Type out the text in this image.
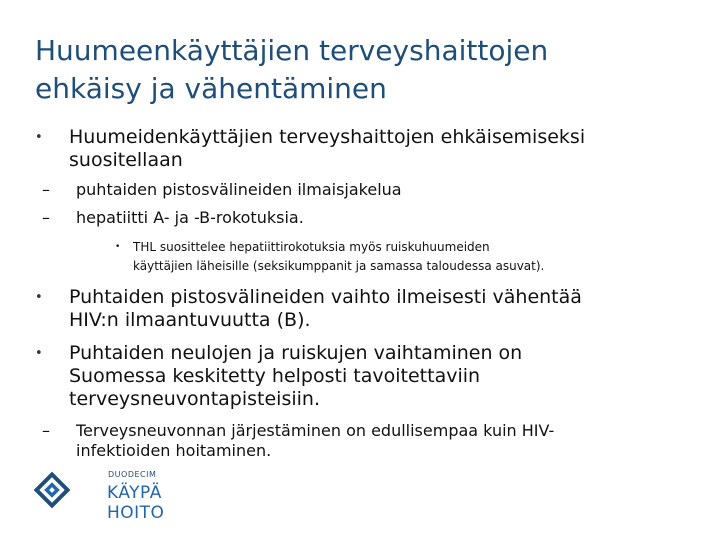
Huumeenkäyttäjien terveyshaittojen
ehkäisy ja vähentäminen
• Huumeidenkäyttäjien terveyshaittojen ehkäisemiseksi
suositellaan
– puhtaiden pistosvälineiden ilmaisjakelua
– hepatiitti A- ja -B-rokotuksia.
• THL suosittelee hepatiittirokotuksia myös ruiskuhuumeiden
käyttäjien läheisille (seksikumppanit ja samassa taloudessa asuvat).
• Puhtaiden pistosvälineiden vaihto ilmeisesti vähentää
HIV:n ilmaantuvuutta (B).
• Puhtaiden neulojen ja ruiskujen vaihtaminen on
Suomessa keskitetty helposti tavoitettaviin
terveysneuvontapisteisiin.
– Terveysneuvonnan järjestäminen on edullisempaa kuin HIV-
infektioiden hoitaminen.
DUODECIM
KÄYPÄ HOITO
